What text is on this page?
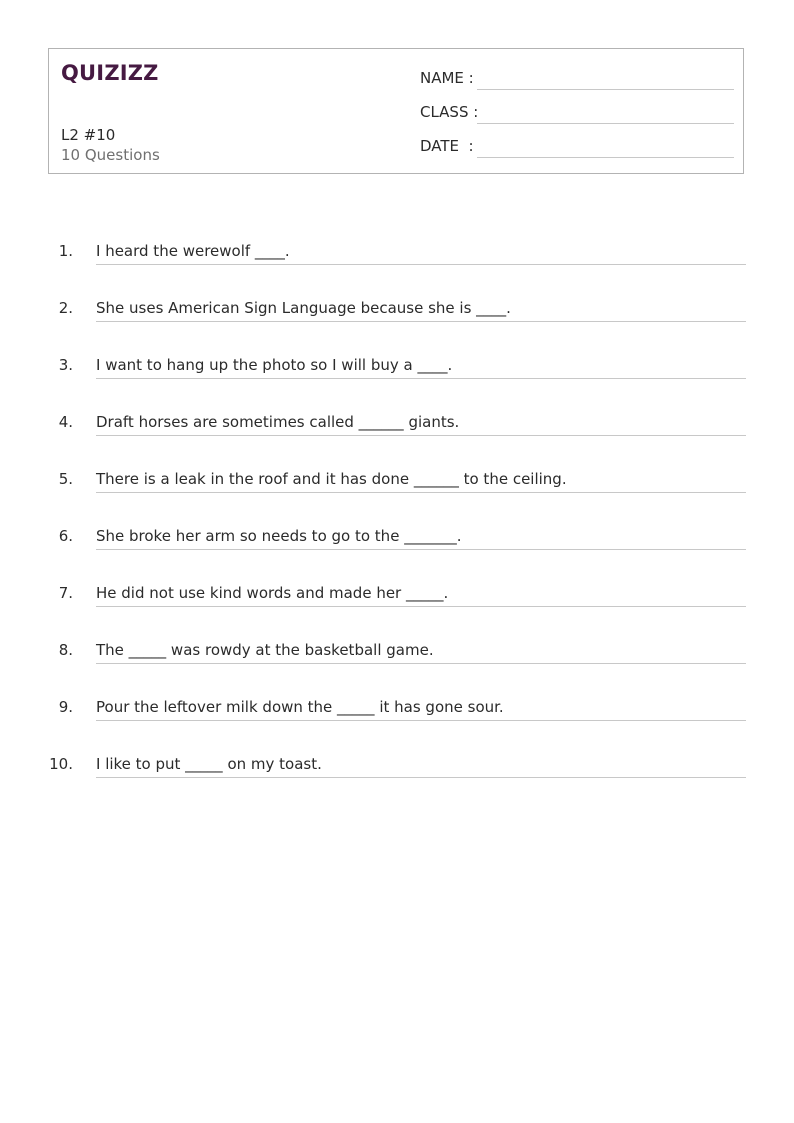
QUIZIZZ
L2 #10
10 Questions
NAME :
CLASS :
DATE  :
1. I heard the werewolf ____.
2. She uses American Sign Language because she is ____.
3. I want to hang up the photo so I will buy a ____.
4. Draft horses are sometimes called ______ giants.
5. There is a leak in the roof and it has done ______ to the ceiling.
6. She broke her arm so needs to go to the _______.
7. He did not use kind words and made her _____.
8. The _____ was rowdy at the basketball game.
9. Pour the leftover milk down the _____ it has gone sour.
10. I like to put _____ on my toast.
